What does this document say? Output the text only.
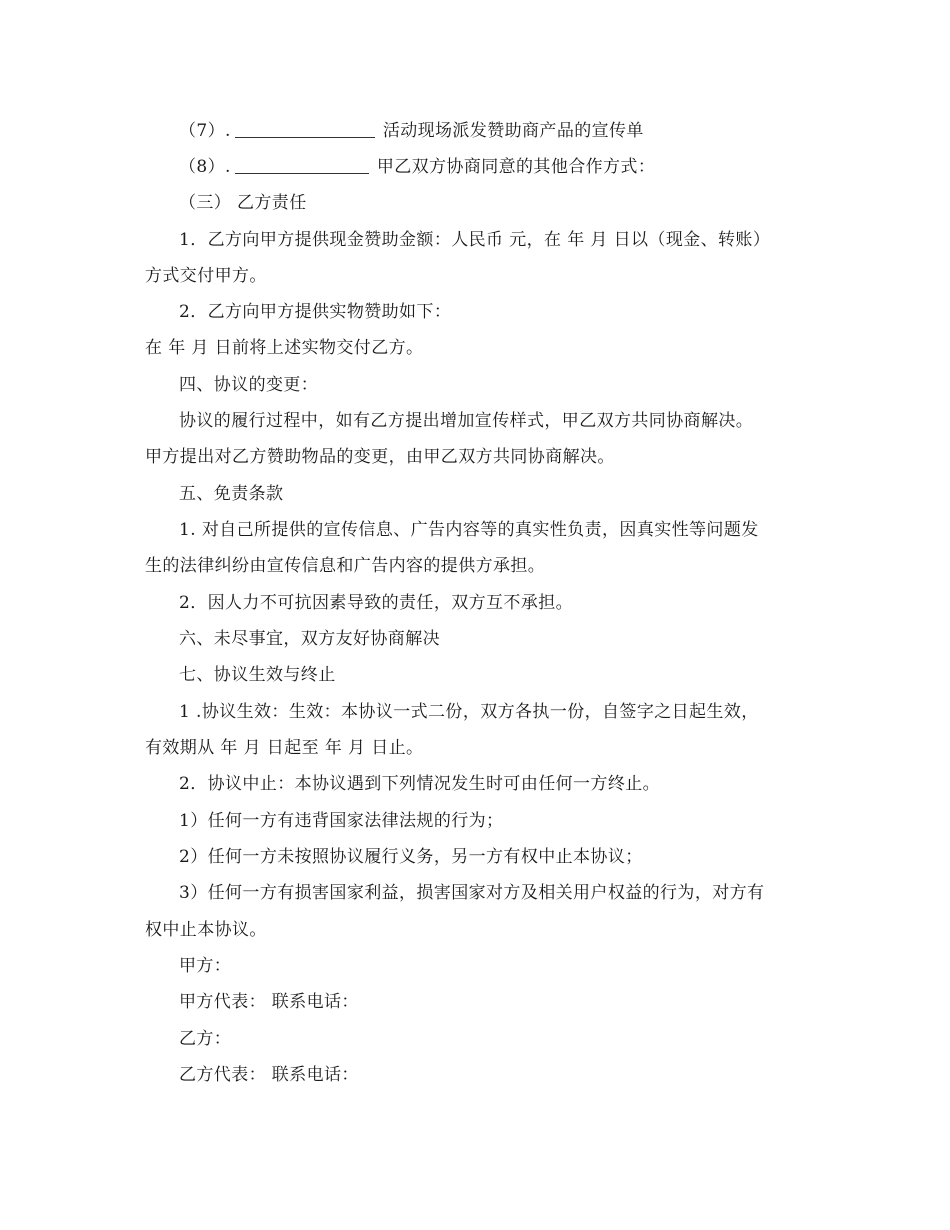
（7）.	活动现场派发赞助商产品的宣传单
（8）.	甲乙双方协商同意的其他合作方式：
（三） 乙方责任
1．乙方向甲方提供现金赞助金额：人民币 元，在 年 月 日以（现金、转账）
方式交付甲方。
2．乙方向甲方提供实物赞助如下：
在 年 月 日前将上述实物交付乙方。
四、协议的变更：
协议的履行过程中，如有乙方提出增加宣传样式，甲乙双方共同协商解决。
甲方提出对乙方赞助物品的变更，由甲乙双方共同协商解决。
五、免责条款
1. 对自己所提供的宣传信息、广告内容等的真实性负责，因真实性等问题发
生的法律纠纷由宣传信息和广告内容的提供方承担。
2．因人力不可抗因素导致的责任，双方互不承担。
六、未尽事宜，双方友好协商解决
七、协议生效与终止
1 .协议生效：生效：本协议一式二份，双方各执一份，自签字之日起生效，
有效期从 年 月 日起至 年 月 日止。
2．协议中止：本协议遇到下列情况发生时可由任何一方终止。
1）任何一方有违背国家法律法规的行为；
2）任何一方未按照协议履行义务，另一方有权中止本协议；
3）任何一方有损害国家利益，损害国家对方及相关用户权益的行为，对方有
权中止本协议。
甲方：
甲方代表： 联系电话：
乙方：
乙方代表： 联系电话：
